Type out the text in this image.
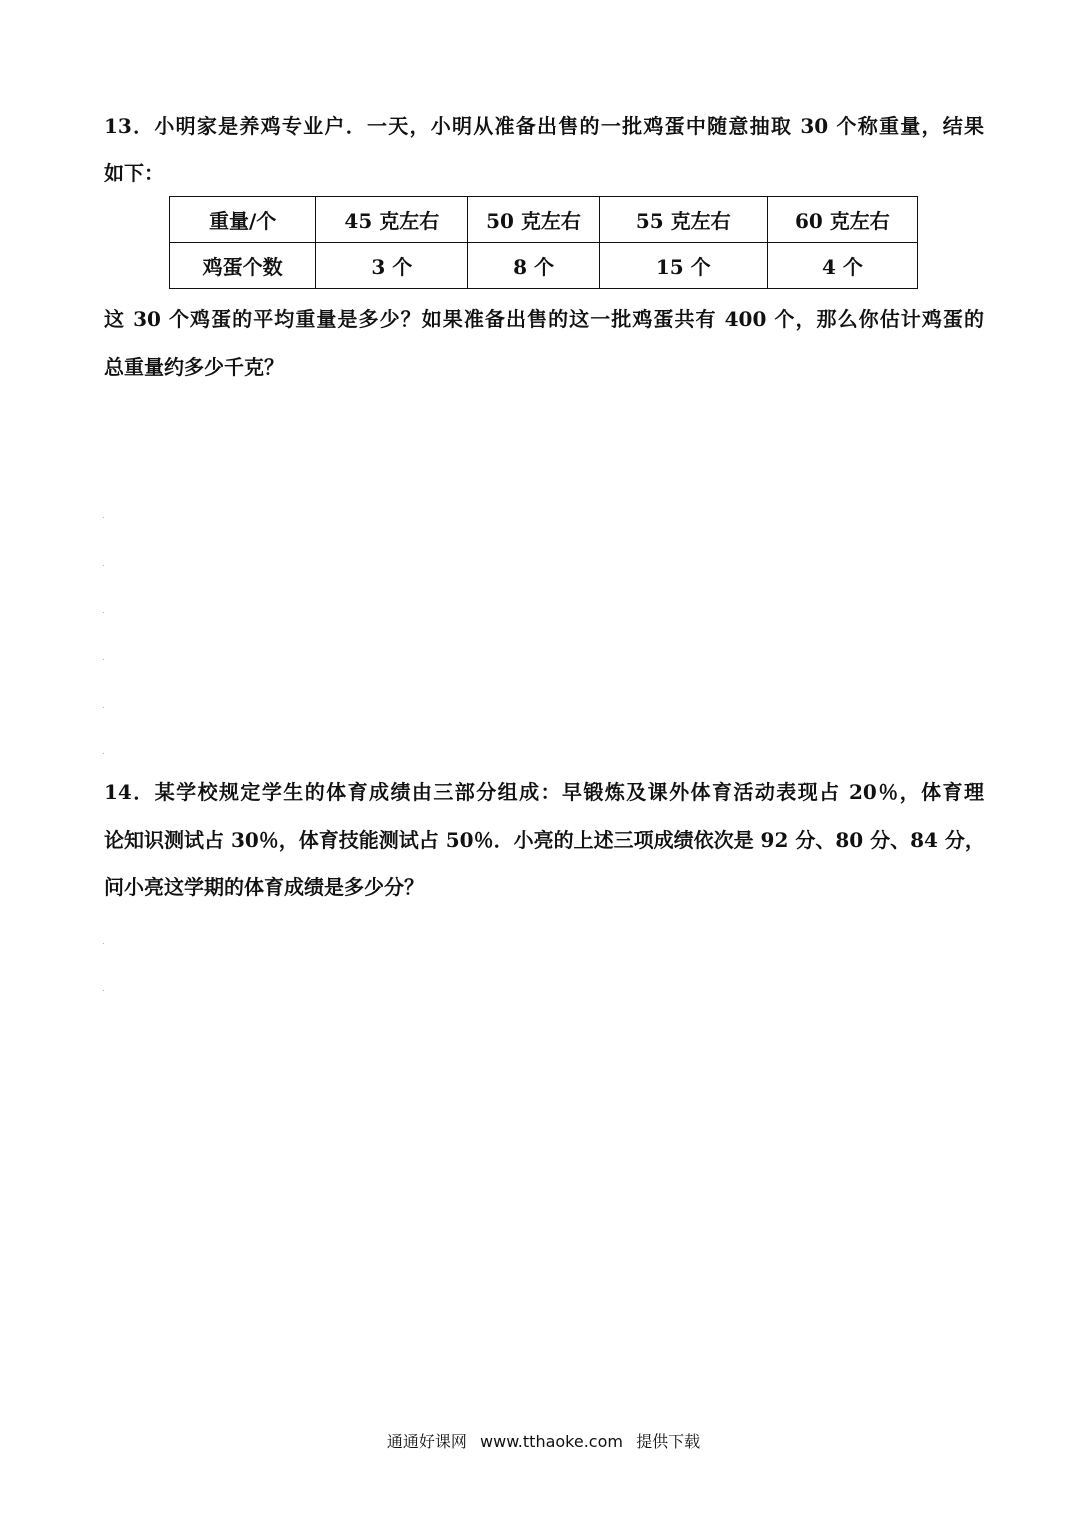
13．小明家是养鸡专业户．一天，小明从准备出售的一批鸡蛋中随意抽取 30 个称重量，结果
如下：
重量/个	45 克左右	50 克左右	55 克左右	60 克左右
鸡蛋个数	3 个	8 个	15 个	4 个
这 30 个鸡蛋的平均重量是多少？如果准备出售的这一批鸡蛋共有 400 个，那么你估计鸡蛋的
总重量约多少千克？
.
.
.
.
.
.
14．某学校规定学生的体育成绩由三部分组成：早锻炼及课外体育活动表现占 20％，体育理
论知识测试占 30％，体育技能测试占 50％．小亮的上述三项成绩依次是 92 分、80 分、84 分，
问小亮这学期的体育成绩是多少分？
.
.
通通好课网 www.tthaoke.com 提供下载
